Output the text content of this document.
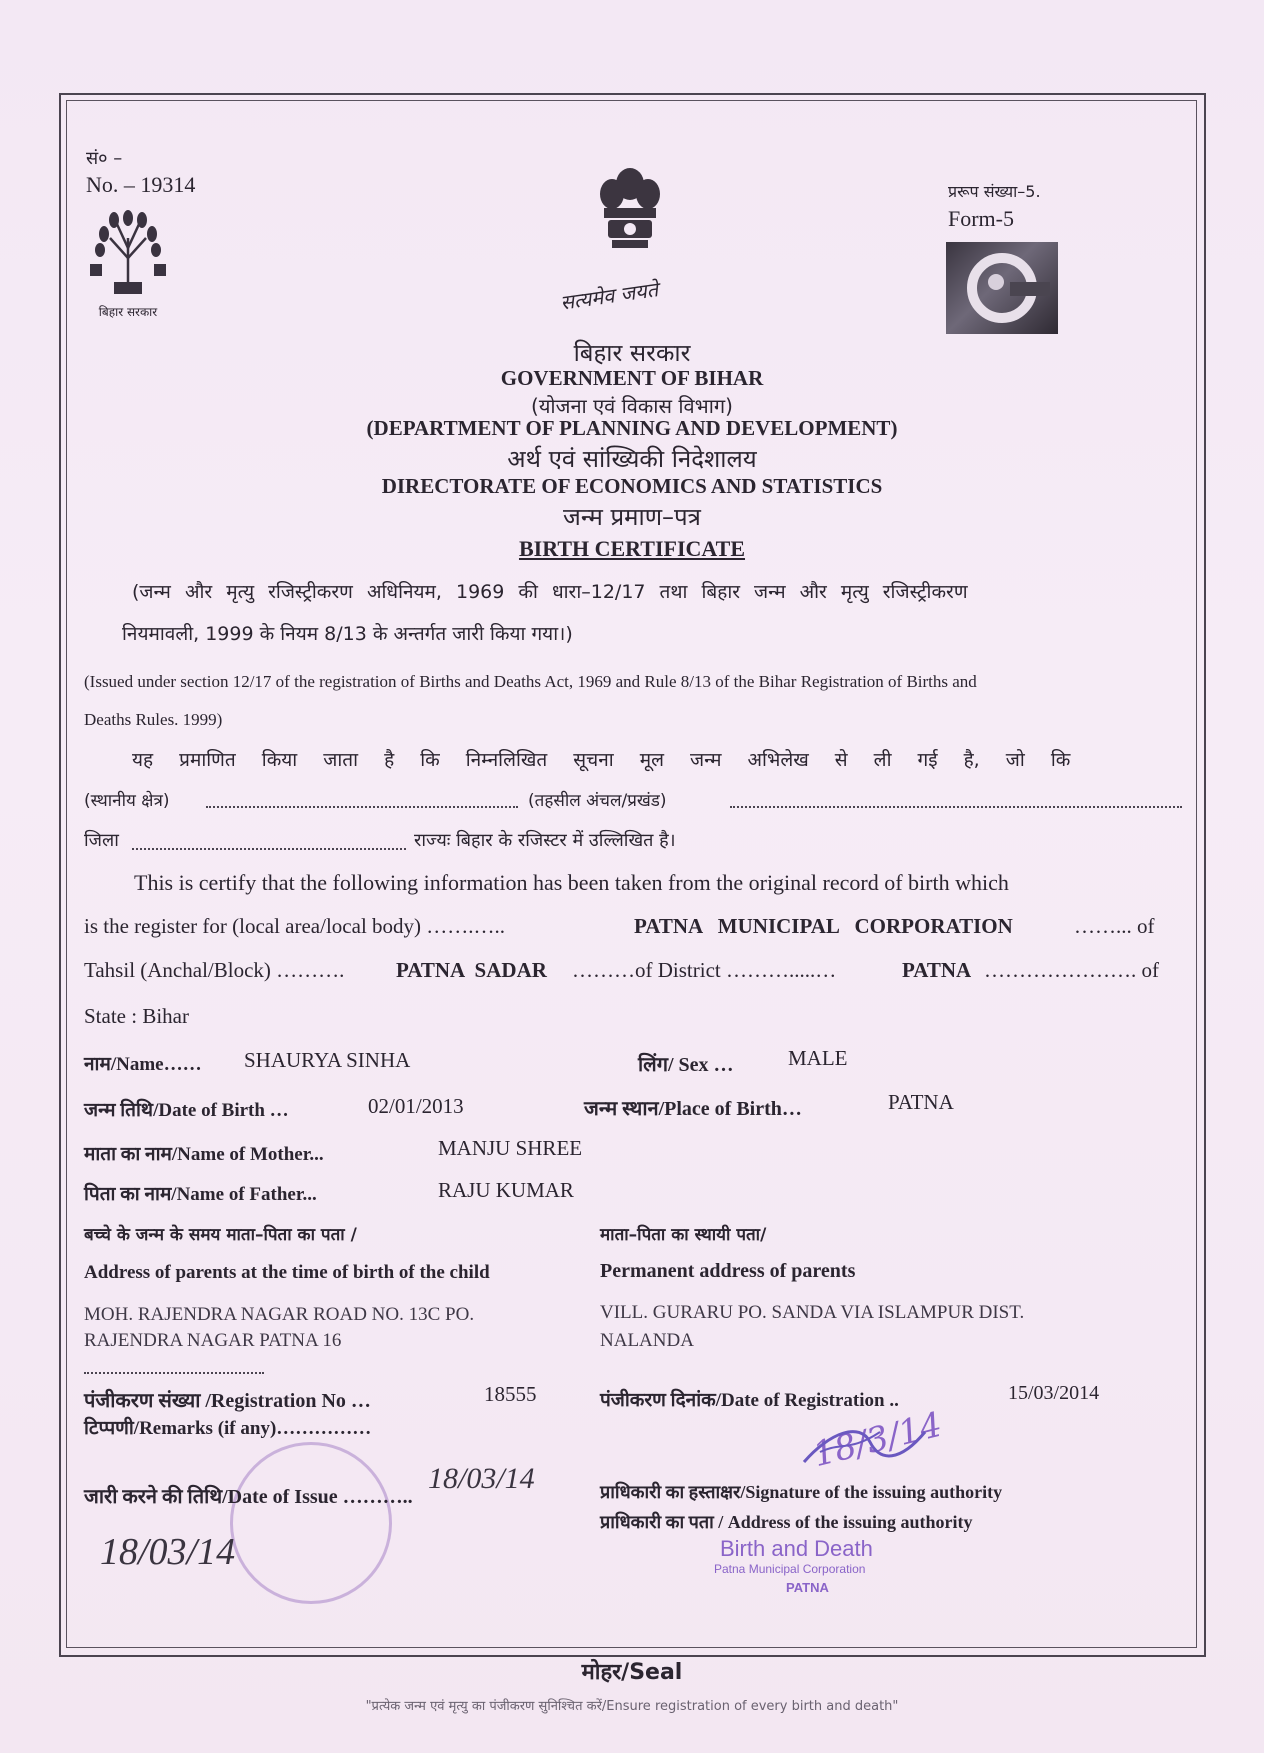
सं० –
No. – 19314
बिहार सरकार	सत्यमेव जयते
प्ररूप संख्या–5.
Form-5
बिहार सरकार
GOVERNMENT OF BIHAR
(योजना एवं विकास विभाग)
(DEPARTMENT OF PLANNING AND DEVELOPMENT)
अर्थ एवं सांख्यिकी निदेशालय
DIRECTORATE OF ECONOMICS AND STATISTICS
जन्म प्रमाण–पत्र
BIRTH CERTIFICATE
(जन्म और मृत्यु रजिस्ट्रीकरण अधिनियम, 1969 की धारा–12/17 तथा बिहार जन्म और मृत्यु रजिस्ट्रीकरण
नियमावली, 1999 के नियम 8/13 के अन्तर्गत जारी किया गया।)
(Issued under section 12/17 of the registration of Births and Deaths Act, 1969 and Rule 8/13 of the Bihar Registration of Births and
Deaths Rules. 1999)
यह प्रमाणित किया जाता है कि निम्नलिखित सूचना मूल जन्म अभिलेख से ली गई है, जो कि
(स्थानीय क्षेत्र)	(तहसील अंचल/प्रखंड)
जिला	राज्यः बिहार के रजिस्टर में उल्लिखित है।
This is certify that the following information has been taken from the original record of birth which
is the register for (local area/local body) …….…..	PATNA   MUNICIPAL   CORPORATION	……... of
Tahsil (Anchal/Block) ………. PATNA  SADAR ………of District ……….....…	PATNA …………………. of
State : Bihar
नाम/Name…… SHAURYA SINHA	लिंग/ Sex …	MALE
जन्म तिथि/Date of Birth …	02/01/2013	जन्म स्थान/Place of Birth…	PATNA
माता का नाम/Name of Mother...	MANJU SHREE
पिता का नाम/Name of Father...	RAJU KUMAR
बच्चे के जन्म के समय माता–पिता का पता /
Address of parents at the time of birth of the child
MOH. RAJENDRA NAGAR ROAD NO. 13C PO.
RAJENDRA NAGAR PATNA 16
माता–पिता का स्थायी पता/
Permanent address of parents
VILL. GURARU PO. SANDA VIA ISLAMPUR DIST.
NALANDA
पंजीकरण संख्या /Registration No …	18555	पंजीकरण दिनांक/Date of Registration ..	15/03/2014
टिप्पणी/Remarks (if any)……………	18/3/14
जारी करने की तिथि/Date of Issue ………..
18/03/14	प्राधिकारी का हस्ताक्षर/Signature of the issuing authority
प्राधिकारी का पता / Address of the issuing authority
Birth and Death
Patna Municipal Corporation
PATNA
18/03/14
मोहर/Seal
"प्रत्येक जन्म एवं मृत्यु का पंजीकरण सुनिश्चित करें/Ensure registration of every birth and death"
